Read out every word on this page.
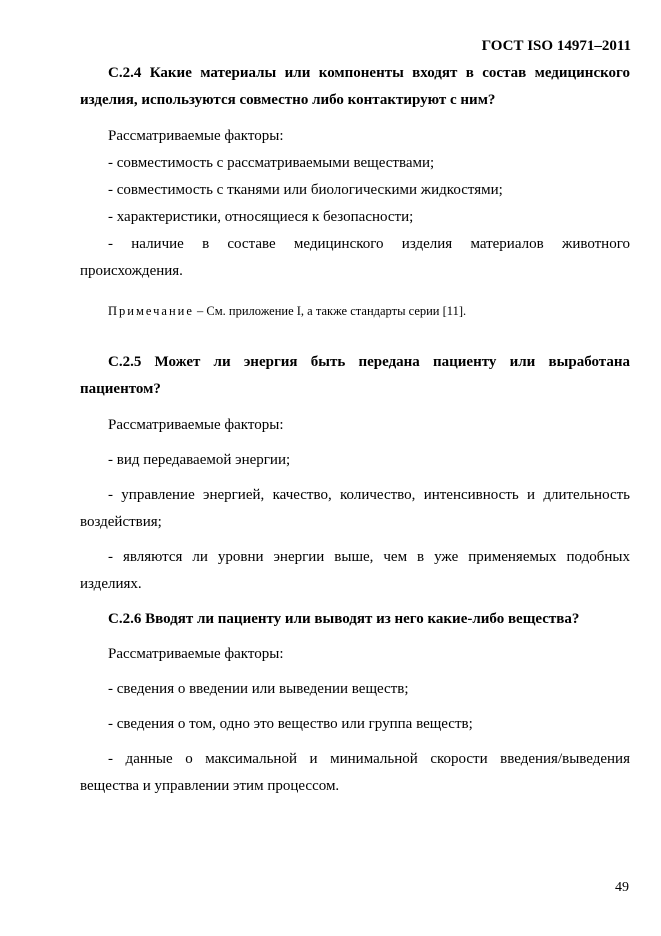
ГОСТ ISO 14971–2011

С.2.4 Какие материалы или компоненты входят в состав медицинского изделия, используются совместно либо контактируют с ним?

Рассматриваемые факторы:

- совместимость с рассматриваемыми веществами;

- совместимость с тканями или биологическими жидкостями;

- характеристики, относящиеся к безопасности;

- наличие в составе медицинского изделия материалов животного происхождения.

Примечание – См. приложение I, а также стандарты серии [11].

С.2.5 Может ли энергия быть передана пациенту или выработана пациентом?

Рассматриваемые факторы:

- вид передаваемой энергии;

- управление энергией, качество, количество, интенсивность и длительность воздействия;

- являются ли уровни энергии выше, чем в уже применяемых подобных изделиях.

С.2.6 Вводят ли пациенту или выводят из него какие-либо вещества?

Рассматриваемые факторы:

- сведения о введении или выведении веществ;

- сведения о том, одно это вещество или группа веществ;

- данные о максимальной и минимальной скорости введения/выведения вещества и управлении этим процессом.

49
